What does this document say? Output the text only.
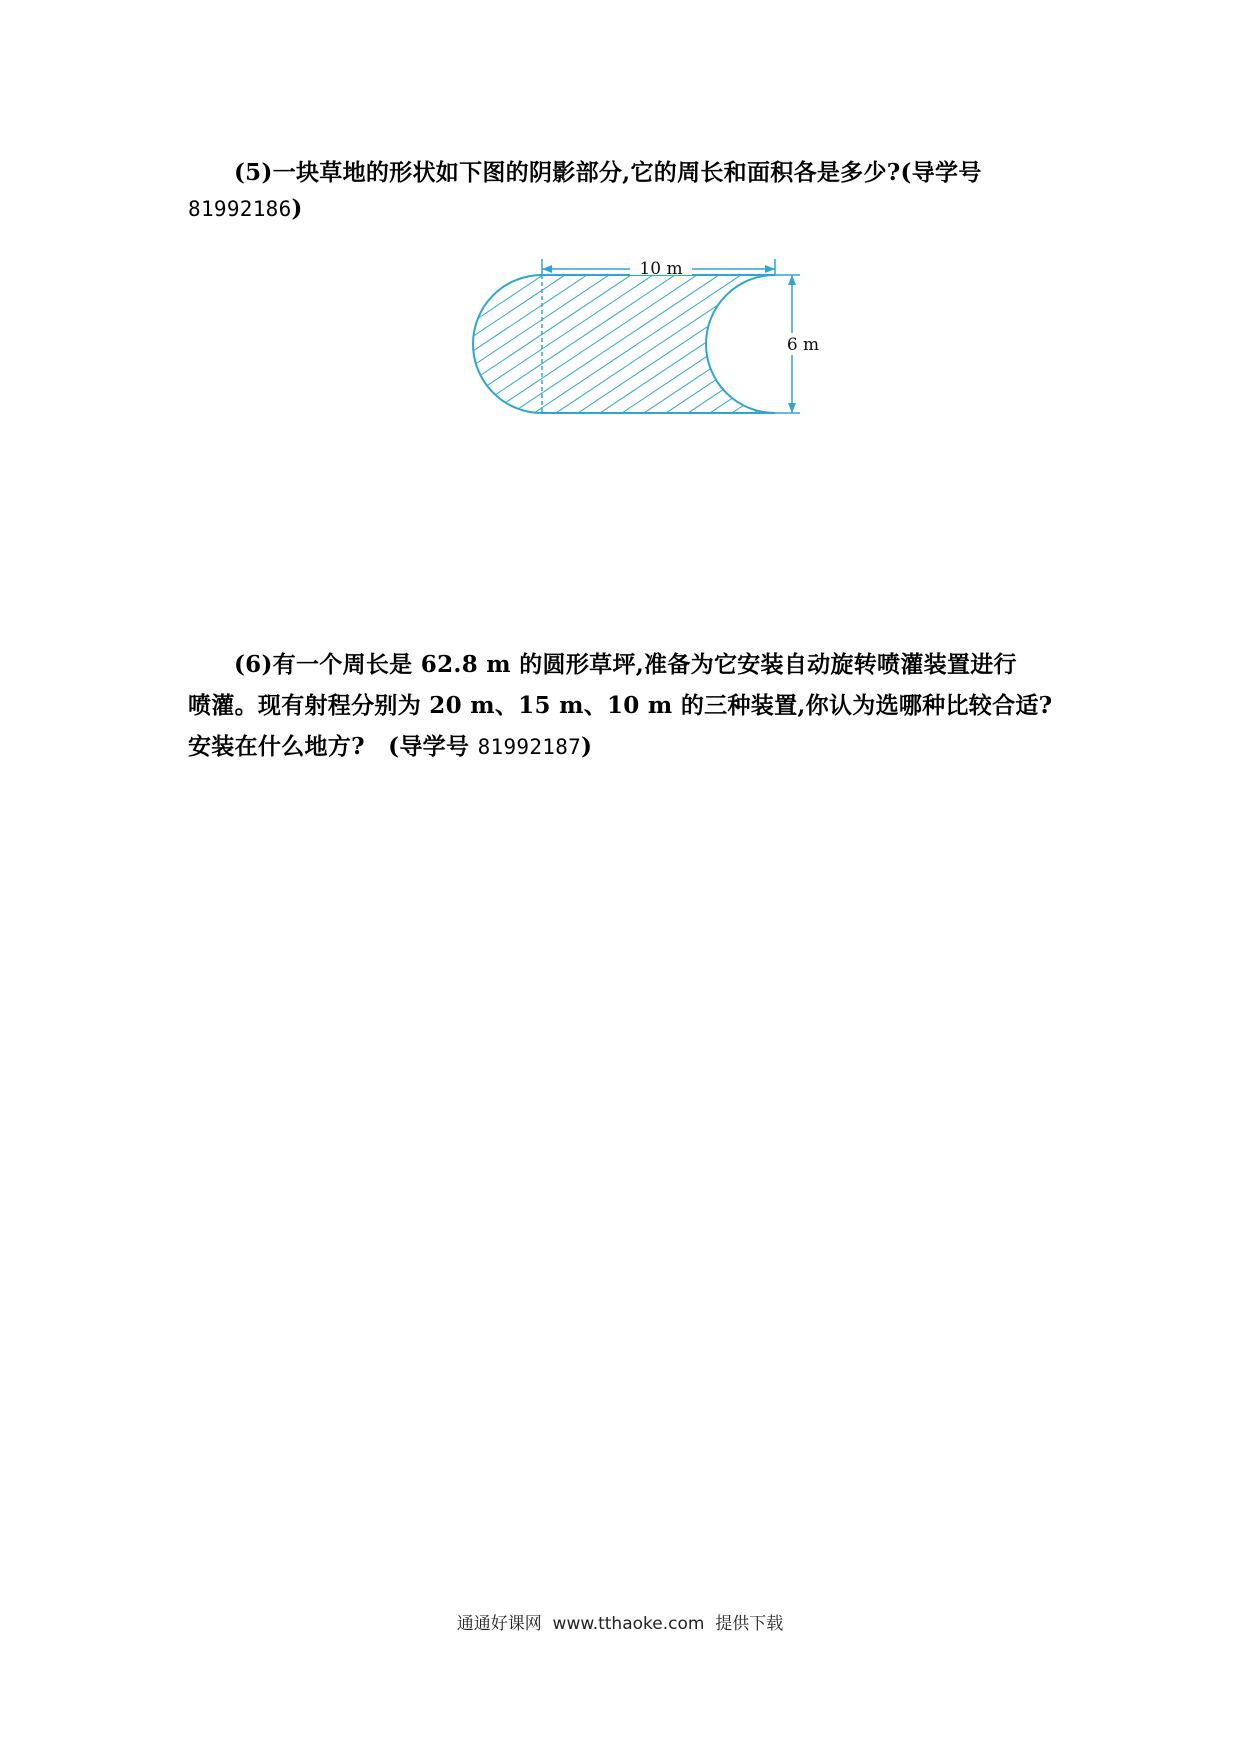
(5)一块草地的形状如下图的阴影部分,它的周长和面积各是多少?(导学号
81992186)
10 m
6 m
(6)有一个周长是 62.8 m 的圆形草坪,准备为它安装自动旋转喷灌装置进行
喷灌。现有射程分别为 20 m、15 m、10 m 的三种装置,你认为选哪种比较合适?
安装在什么地方?　(导学号 81992187)
通通好课网  www.tthaoke.com  提供下载
